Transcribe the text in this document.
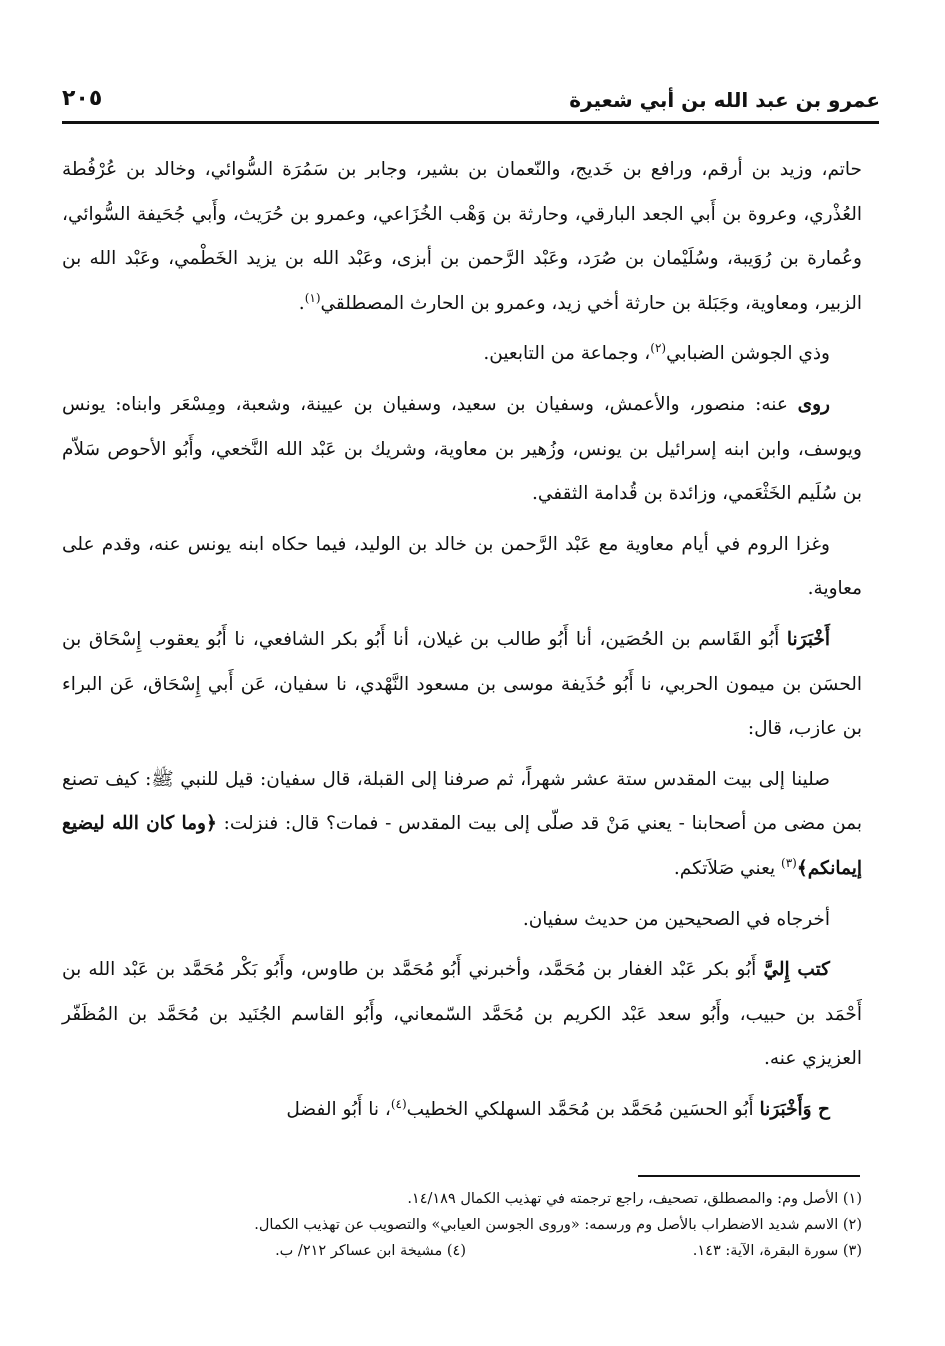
عمرو بن عبد الله بن أبي شعيرة
٢٠٥

حاتم، وزيد بن أرقم، ورافع بن خَديج، والنّعمان بن بشير، وجابر بن سَمُرَة السُّوائي، وخالد بن عُرْفُطة العُذْري، وعروة بن أَبي الجعد البارقي، وحارثة بن وَهْب الخُزَاعي، وعمرو بن حُرَيث، وأَبي جُحَيفة السُّوائي، وعُمارة بن رُوَيبة، وسُلَيْمان بن صُرَد، وعَبْد الرَّحمن بن أبزى، وعَبْد الله بن يزيد الخَطْمي، وعَبْد الله بن الزبير، ومعاوية، وجَبَلة بن حارثة أخي زيد، وعمرو بن الحارث المصطلقي$^{(١)}$.

وذي الجوشن الضبابي$^{(٢)}$، وجماعة من التابعين.

روى عنه: منصور، والأعمش، وسفيان بن سعيد، وسفيان بن عيينة، وشعبة، ومِسْعَر وابناه: يونس ويوسف، وابن ابنه إسرائيل بن يونس، وزُهير بن معاوية، وشريك بن عَبْد الله النَّخعي، وأَبُو الأحوص سَلاّم بن سُلَيم الخَثْعَمي، وزائدة بن قُدامة الثقفي.

وغزا الروم في أيام معاوية مع عَبْد الرَّحمن بن خالد بن الوليد، فيما حكاه ابنه يونس عنه، وقدم على معاوية.

أَخْبَرَنا أَبُو القَاسم بن الحُصَين، أنا أَبُو طالب بن غيلان، أنا أَبُو بكر الشافعي، نا أَبُو يعقوب إِسْحَاق بن الحسَن بن ميمون الحربي، نا أَبُو حُذَيفة موسى بن مسعود النَّهْدي، نا سفيان، عَن أَبي إِسْحَاق، عَن البراء بن عازب، قال:

صلينا إلى بيت المقدس ستة عشر شهراً، ثم صرفنا إلى القبلة، قال سفيان: قيل للنبي ﷺ: كيف تصنع بمن مضى من أصحابنا - يعني مَنْ قد صلّى إلى بيت المقدس - فمات؟ قال: فنزلت: ﴿وما كان الله ليضيع إيمانكم﴾$^{(٣)}$ يعني صَلاَتكم.

أخرجاه في الصحيحين من حديث سفيان.

كتب إِليَّ أَبُو بكر عَبْد الغفار بن مُحَمَّد، وأخبرني أَبُو مُحَمَّد بن طاوس، وأَبُو بَكْر مُحَمَّد بن عَبْد الله بن أَحْمَد بن حبيب، وأَبُو سعد عَبْد الكريم بن مُحَمَّد السّمعاني، وأَبُو القاسم الجُنَيد بن مُحَمَّد بن المُظَفّر العزيزي عنه.

ح وَأَخْبَرَنا أَبُو الحسَين مُحَمَّد بن مُحَمَّد السهلكي الخطيب$^{(٤)}$، نا أَبُو الفضل

(١) الأصل وم: والمصطلق، تصحيف، راجع ترجمته في تهذيب الكمال ١٤/١٨٩.

(٢) الاسم شديد الاضطراب بالأصل وم ورسمه: «وروى الجوسن العيابي» والتصويب عن تهذيب الكمال.

(٣) سورة البقرة، الآية: ١٤٣.
(٤) مشيخة ابن عساكر ٢١٢/ ب.
